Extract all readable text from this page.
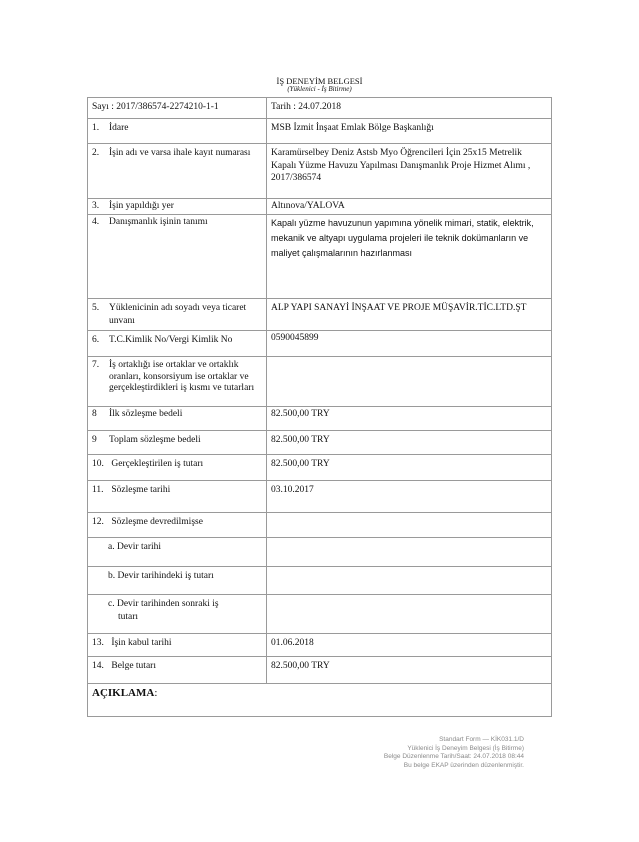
İŞ DENEYİM BELGESİ
(Yüklenici - İş Bitirme)
Sayı : 2017/386574-2274210-1-1	Tarih : 24.07.2018

1. İdare	MSB İzmit İnşaat Emlak Bölge Başkanlığı

2. İşin adı ve varsa ihale kayıt numarası	Karamürselbey Deniz Astsb Myo Öğrencileri İçin 25x15 Metrelik Kapalı Yüzme Havuzu Yapılması Danışmanlık Proje Hizmet Alımı , 2017/386574

3. İşin yapıldığı yer	Altınova/YALOVA

4. Danışmanlık işinin tanımı	Kapalı yüzme havuzunun yapımına yönelik mimari, statik, elektrik, mekanik ve altyapı uygulama projeleri ile teknik dokümanların ve maliyet çalışmalarının hazırlanması

5. Yüklenicinin adı soyadı veya ticaret unvanı	ALP YAPI SANAYİ İNŞAAT VE PROJE MÜŞAVİR.TİC.LTD.ŞT

6. T.C.Kimlik No/Vergi Kimlik No	0590045899

7. İş ortaklığı ise ortaklar ve ortaklık oranları, konsorsiyum ise ortaklar ve gerçekleştirdikleri iş kısmı ve tutarları	

8 İlk sözleşme bedeli	82.500,00 TRY

9 Toplam sözleşme bedeli	82.500,00 TRY
10. Gerçekleştirilen iş tutarı	82.500,00 TRY
11. Sözleşme tarihi	03.10.2017
12. Sözleşme devredilmişse	
a. Devir tarihi	
b. Devir tarihindeki iş tutarı	

c. Devir tarihinden sonraki iş
tutarı	

13. İşin kabul tarihi	01.06.2018
14. Belge tutarı	82.500,00 TRY
AÇIKLAMA:	
Standart Form — KİK031.1/D
Yüklenici İş Deneyim Belgesi (İş Bitirme)
Belge Düzenlenme Tarih/Saat: 24.07.2018 08:44
Bu belge EKAP üzerinden düzenlenmiştir.
